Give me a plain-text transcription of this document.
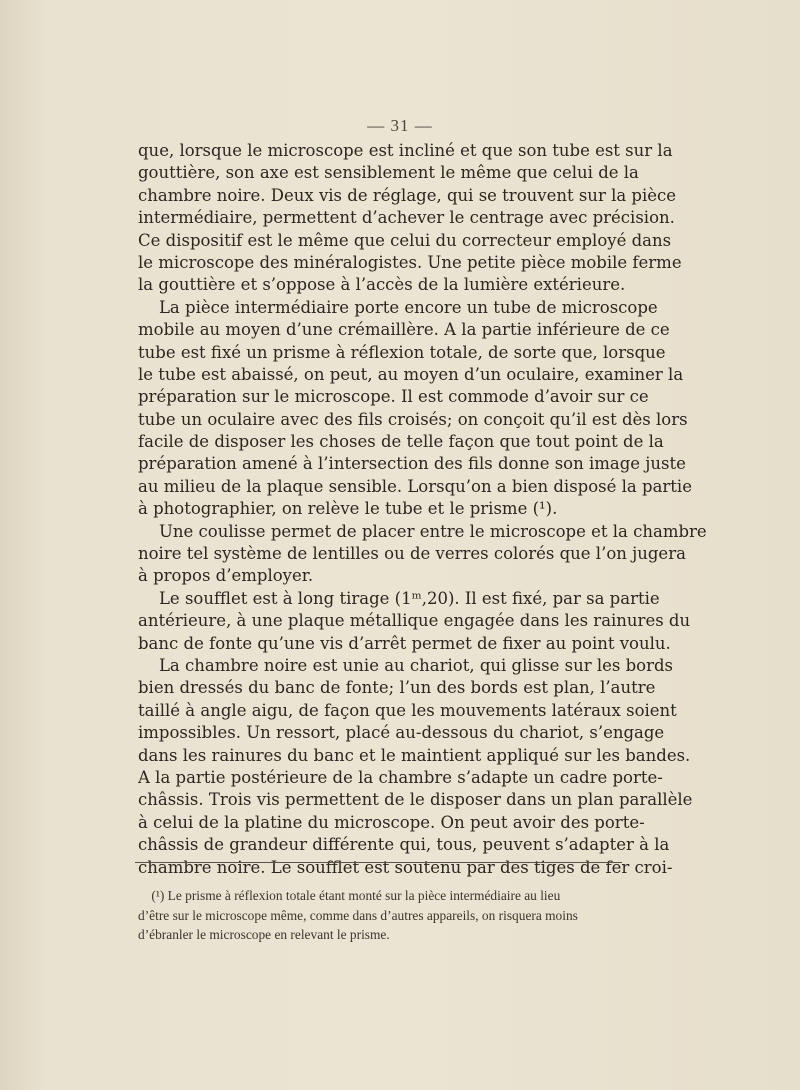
— 31 —
que, lorsque le microscope est incliné et que son tube est sur la
gouttière, son axe est sensiblement le même que celui de la
chambre noire. Deux vis de réglage, qui se trouvent sur la pièce
intermédiaire, permettent d’achever le centrage avec précision.
Ce dispositif est le même que celui du correcteur employé dans
le microscope des minéralogistes. Une petite pièce mobile ferme
la gouttière et s’oppose à l’accès de la lumière extérieure.
La pièce intermédiaire porte encore un tube de microscope
mobile au moyen d’une crémaillère. A la partie inférieure de ce
tube est fixé un prisme à réflexion totale, de sorte que, lorsque
le tube est abaissé, on peut, au moyen d’un oculaire, examiner la
préparation sur le microscope. Il est commode d’avoir sur ce
tube un oculaire avec des fils croisés; on conçoit qu’il est dès lors
facile de disposer les choses de telle façon que tout point de la
préparation amené à l’intersection des fils donne son image juste
au milieu de la plaque sensible. Lorsqu’on a bien disposé la partie
à photographier, on relève le tube et le prisme (¹).
Une coulisse permet de placer entre le microscope et la chambre
noire tel système de lentilles ou de verres colorés que l’on jugera
à propos d’employer.
Le soufflet est à long tirage (1ᵐ,20). Il est fixé, par sa partie
antérieure, à une plaque métallique engagée dans les rainures du
banc de fonte qu’une vis d’arrêt permet de fixer au point voulu.
La chambre noire est unie au chariot, qui glisse sur les bords
bien dressés du banc de fonte; l’un des bords est plan, l’autre
taillé à angle aigu, de façon que les mouvements latéraux soient
impossibles. Un ressort, placé au-dessous du chariot, s’engage
dans les rainures du banc et le maintient appliqué sur les bandes.
A la partie postérieure de la chambre s’adapte un cadre porte-
châssis. Trois vis permettent de le disposer dans un plan parallèle
à celui de la platine du microscope. On peut avoir des porte-
châssis de grandeur différente qui, tous, peuvent s’adapter à la
chambre noire. Le soufflet est soutenu par des tiges de fer croi-
(¹) Le prisme à réflexion totale étant monté sur la pièce intermédiaire au lieu
d’être sur le microscope même, comme dans d’autres appareils, on risquera moins
d’ébranler le microscope en relevant le prisme.
